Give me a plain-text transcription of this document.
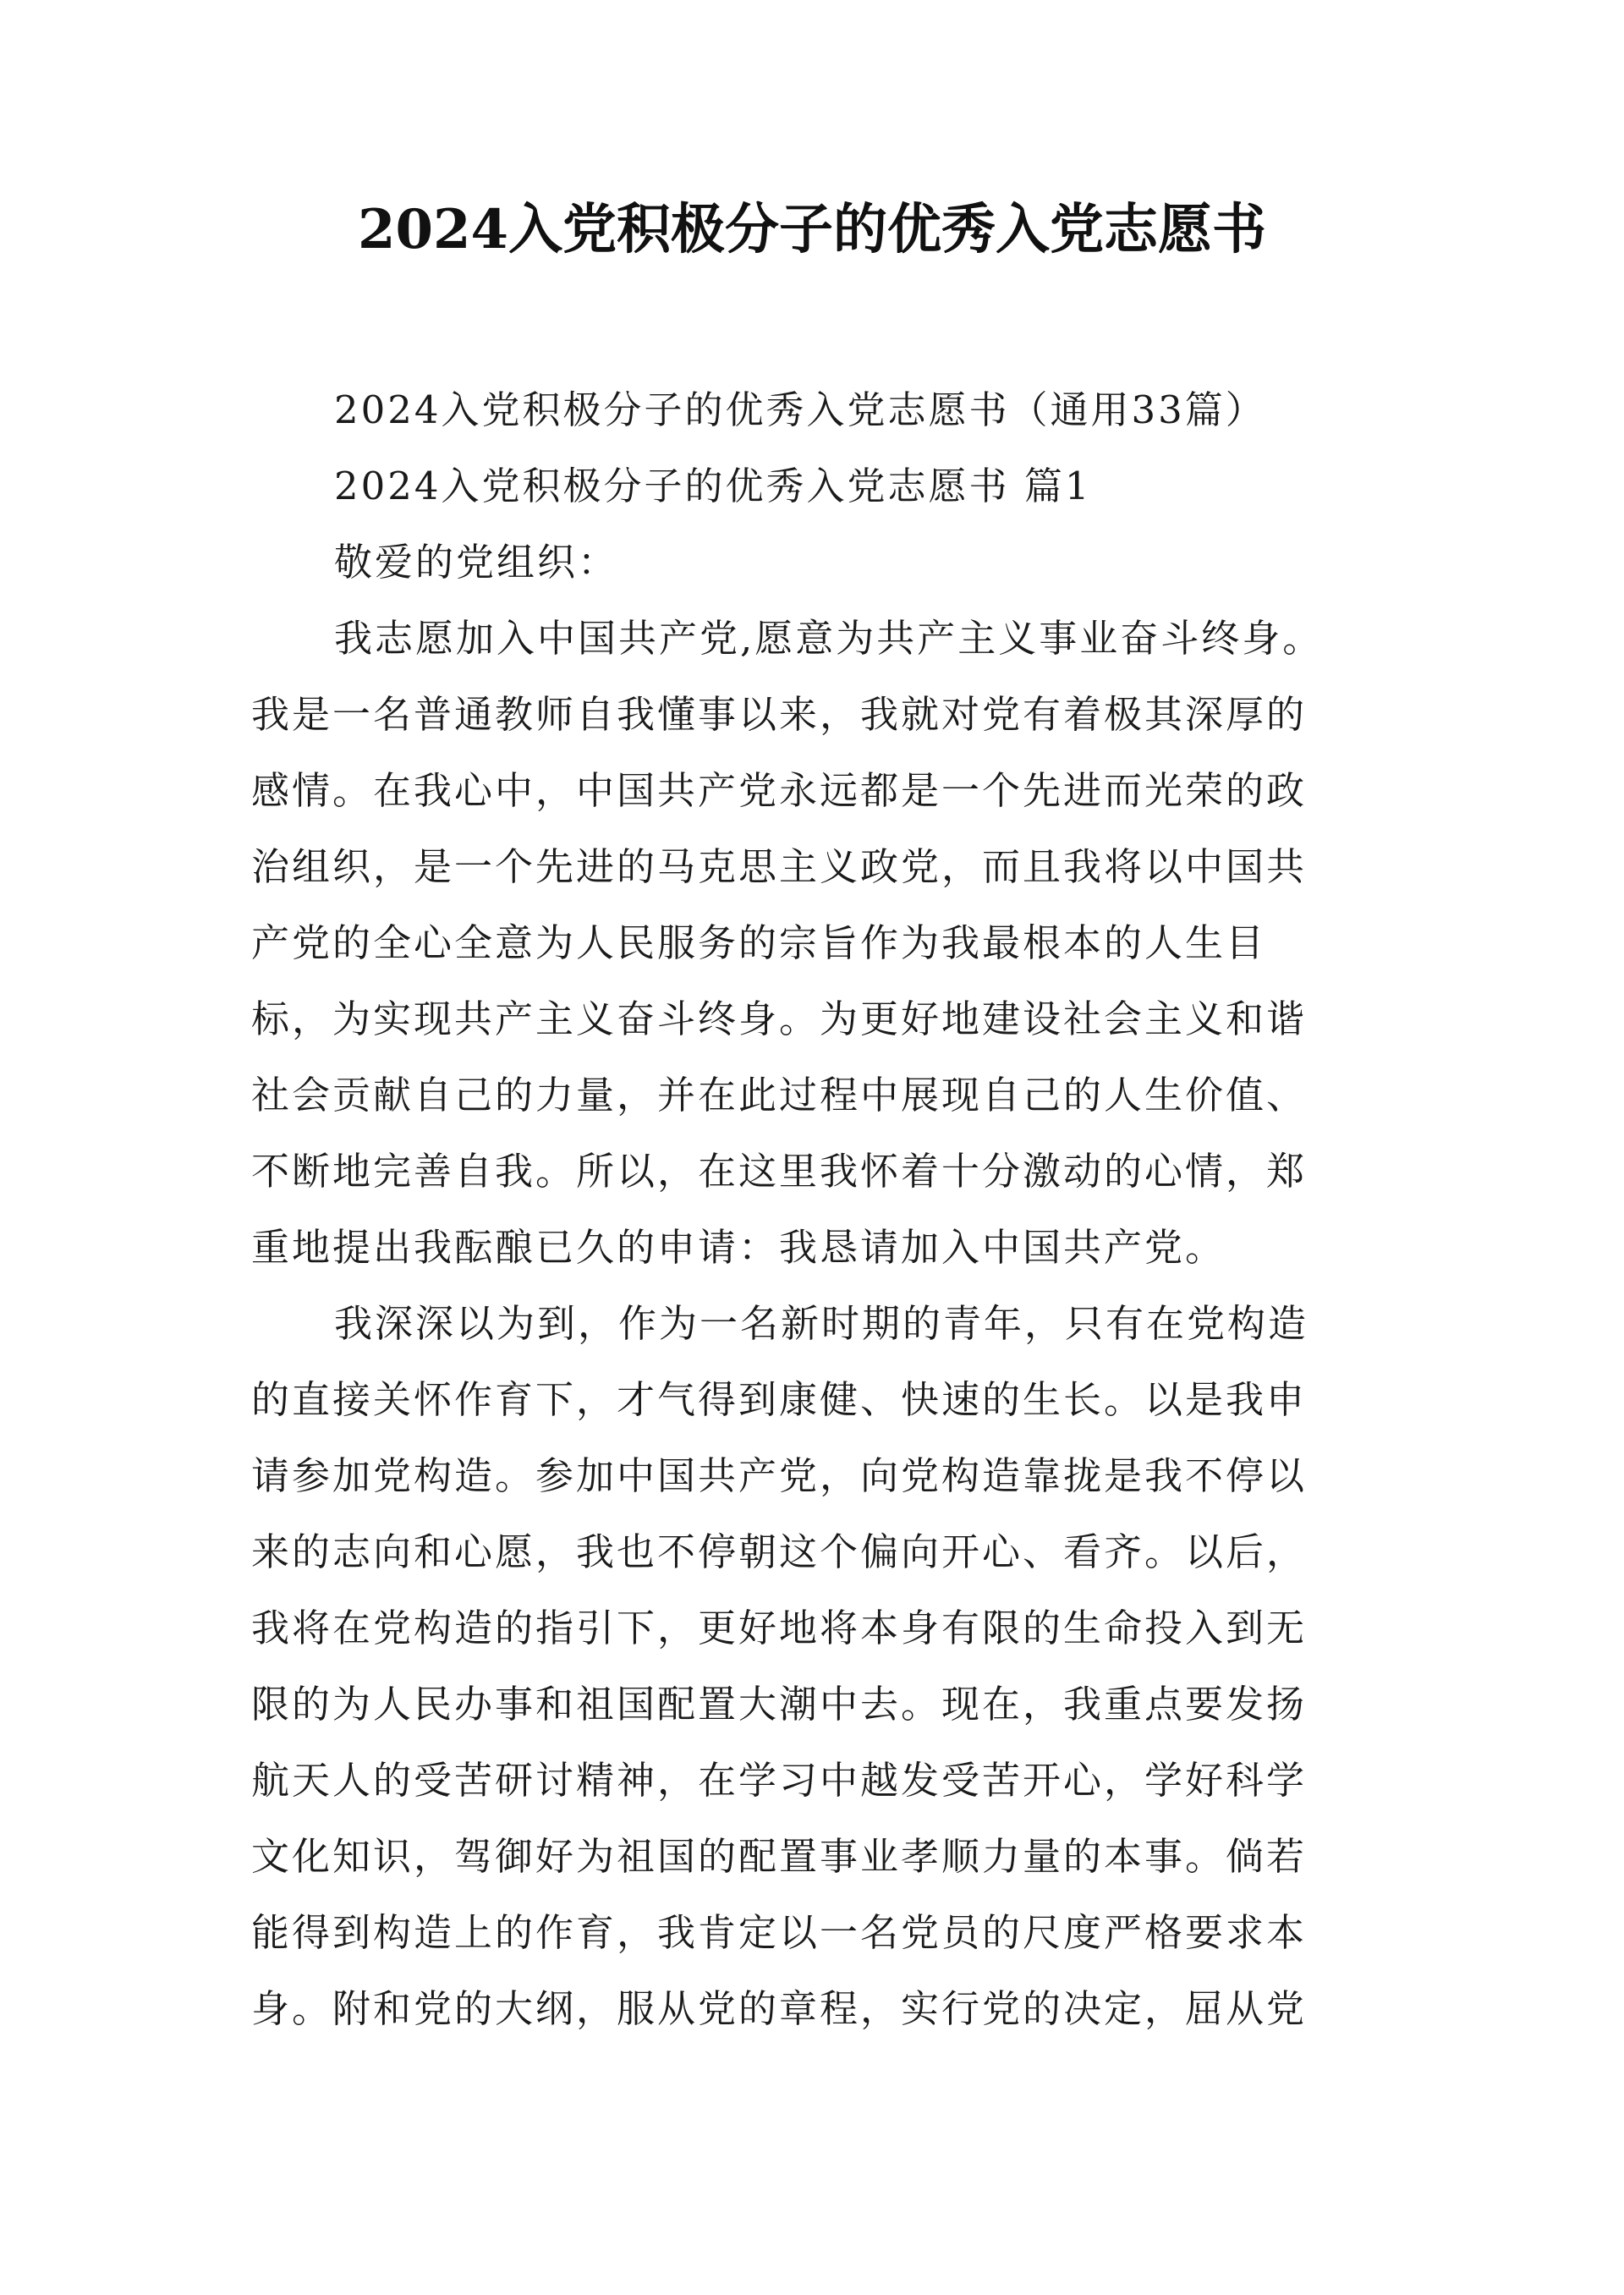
2024入党积极分子的优秀入党志愿书

2024入党积极分子的优秀入党志愿书（通用33篇）

2024入党积极分子的优秀入党志愿书 篇1

敬爱的党组织：

我志愿加入中国共产党,愿意为共产主义事业奋斗终身。

我是一名普通教师自我懂事以来，我就对党有着极其深厚的

感情。在我心中，中国共产党永远都是一个先进而光荣的政

治组织，是一个先进的马克思主义政党，而且我将以中国共

产党的全心全意为人民服务的宗旨作为我最根本的人生目

标，为实现共产主义奋斗终身。为更好地建设社会主义和谐

社会贡献自己的力量，并在此过程中展现自己的人生价值、

不断地完善自我。所以，在这里我怀着十分激动的心情，郑

重地提出我酝酿已久的申请：我恳请加入中国共产党。

我深深以为到，作为一名新时期的青年，只有在党构造

的直接关怀作育下，才气得到康健、快速的生长。以是我申

请参加党构造。参加中国共产党，向党构造靠拢是我不停以

来的志向和心愿，我也不停朝这个偏向开心、看齐。以后，

我将在党构造的指引下，更好地将本身有限的生命投入到无

限的为人民办事和祖国配置大潮中去。现在，我重点要发扬

航天人的受苦研讨精神，在学习中越发受苦开心，学好科学

文化知识，驾御好为祖国的配置事业孝顺力量的本事。倘若

能得到构造上的作育，我肯定以一名党员的尺度严格要求本

身。附和党的大纲，服从党的章程，实行党的决定，屈从党
